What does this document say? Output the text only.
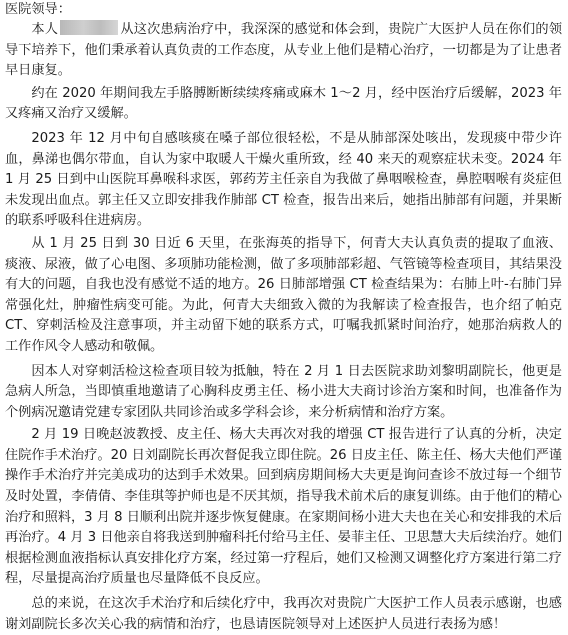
医院领导：

本人	从这次患病治疗中，我深深的感觉和体会到，贵院广大医护人员在你们的领导下培养下，他们秉承着认真负责的工作态度，从专业上他们是精心治疗，一切都是为了让患者早日康复。

约在 2020 年期间我左手胳膊断断续续疼痛或麻木 1～2 月，经中医治疗后缓解，2023 年又疼痛又治疗又缓解。

2023 年 12 月中旬自感咳痰在嗓子部位很轻松，不是从肺部深处咳出，发现痰中带少许血，鼻涕也偶尔带血，自认为家中取暖人干燥火重所致，经 40 来天的观察症状未变。2024 年 1 月 25 日到中山医院耳鼻喉科求医，郭药芳主任亲自为我做了鼻咽喉检查，鼻腔咽喉有炎症但未发现出血点。郭主任又立即安排我作肺部 CT 检查，报告出来后，她指出肺部有问题，并果断的联系呼吸科住进病房。

从 1 月 25 日到 30 日近 6 天里，在张海英的指导下，何青大夫认真负责的提取了血液、痰液、尿液，做了心电图、多项肺功能检测，做了多项肺部彩超、气管镜等检查项目，其结果没有大的问题，自我也没有感觉不适的地方。26 日肺部增强 CT 检查结果为：右肺上叶-右肺门异常强化灶，肿瘤性病变可能。为此，何青大夫细致入微的为我解读了检查报告，也介绍了帕克 CT、穿刺活检及注意事项，并主动留下她的联系方式，叮嘱我抓紧时间治疗，她那治病救人的工作作风令人感动和敬佩。

因本人对穿刺活检这检查项目较为抵触，特在 2 月 1 日去医院求助刘黎明副院长，他更是急病人所急，当即慎重地邀请了心胸科皮勇主任、杨小进大夫商讨诊治方案和时间，也准备作为个例病况邀请党建专家团队共同诊治或多学科会诊，来分析病情和治疗方案。

2 月 19 日晚赵波教授、皮主任、杨大夫再次对我的增强 CT 报告进行了认真的分析，决定住院作手术治疗。20 日刘副院长再次督促我立即住院。26 日皮主任、陈主任、杨大夫他们严谨操作手术治疗并完美成功的达到手术效果。回到病房期间杨大夫更是询问查诊不放过每一个细节及时处置，李倩倩、李佳琪等护师也是不厌其烦，指导我术前术后的康复训练。由于他们的精心治疗和照料，3 月 8 日顺利出院并逐步恢复健康。在家期间杨小进大夫也在关心和安排我的术后再治疗。4 月 3 日他亲自将我送到肿瘤科托付给马主任、晏菲主任、卫思慧大夫后续治疗。她们根据检测血液指标认真安排化疗方案，经过第一疗程后，她们又检测又调整化疗方案进行第二疗程，尽量提高治疗质量也尽量降低不良反应。

总的来说，在这次手术治疗和后续化疗中，我再次对贵院广大医护工作人员表示感谢，也感谢刘副院长多次关心我的病情和治疗，也恳请医院领导对上述医护人员进行表扬为感！
